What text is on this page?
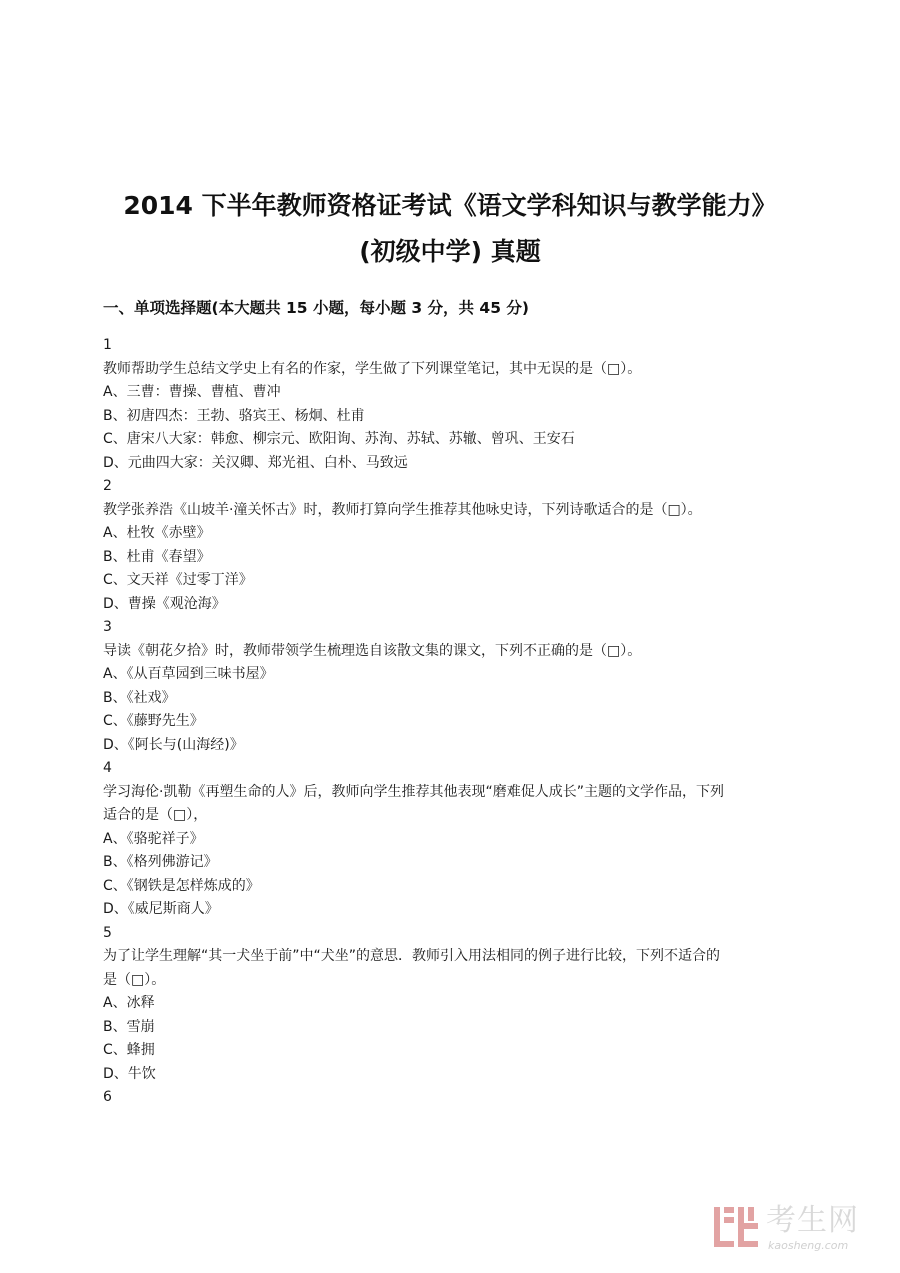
2014 下半年教师资格证考试《语文学科知识与教学能力》
(初级中学) 真题
一、单项选择题(本大题共 15 小题，每小题 3 分，共 45 分)
1
教师帮助学生总结文学史上有名的作家，学生做了下列课堂笔记，其中无误的是（□）。
A、三曹：曹操、曹植、曹冲
B、初唐四杰：王勃、骆宾王、杨炯、杜甫
C、唐宋八大家：韩愈、柳宗元、欧阳询、苏洵、苏轼、苏辙、曾巩、王安石
D、元曲四大家：关汉卿、郑光祖、白朴、马致远
2
教学张养浩《山坡羊·潼关怀古》时，教师打算向学生推荐其他咏史诗，下列诗歌适合的是（□）。
A、杜牧《赤壁》
B、杜甫《春望》
C、文天祥《过零丁洋》
D、曹操《观沧海》
3
导读《朝花夕拾》时，教师带领学生梳理选自该散文集的课文，下列不正确的是（□）。
A、《从百草园到三味书屋》
B、《社戏》
C、《藤野先生》
D、《阿长与(山海经)》
4
学习海伦·凯勒《再塑生命的人》后，教师向学生推荐其他表现“磨难促人成长”主题的文学作品，下列
适合的是（□），
A、《骆驼祥子》
B、《格列佛游记》
C、《钢铁是怎样炼成的》
D、《威尼斯商人》
5
为了让学生理解“其一犬坐于前”中“犬坐”的意思．教师引入用法相同的例子进行比较，下列不适合的
是（□）。
A、冰释
B、雪崩
C、蜂拥
D、牛饮
6
考生网
kaosheng.com
